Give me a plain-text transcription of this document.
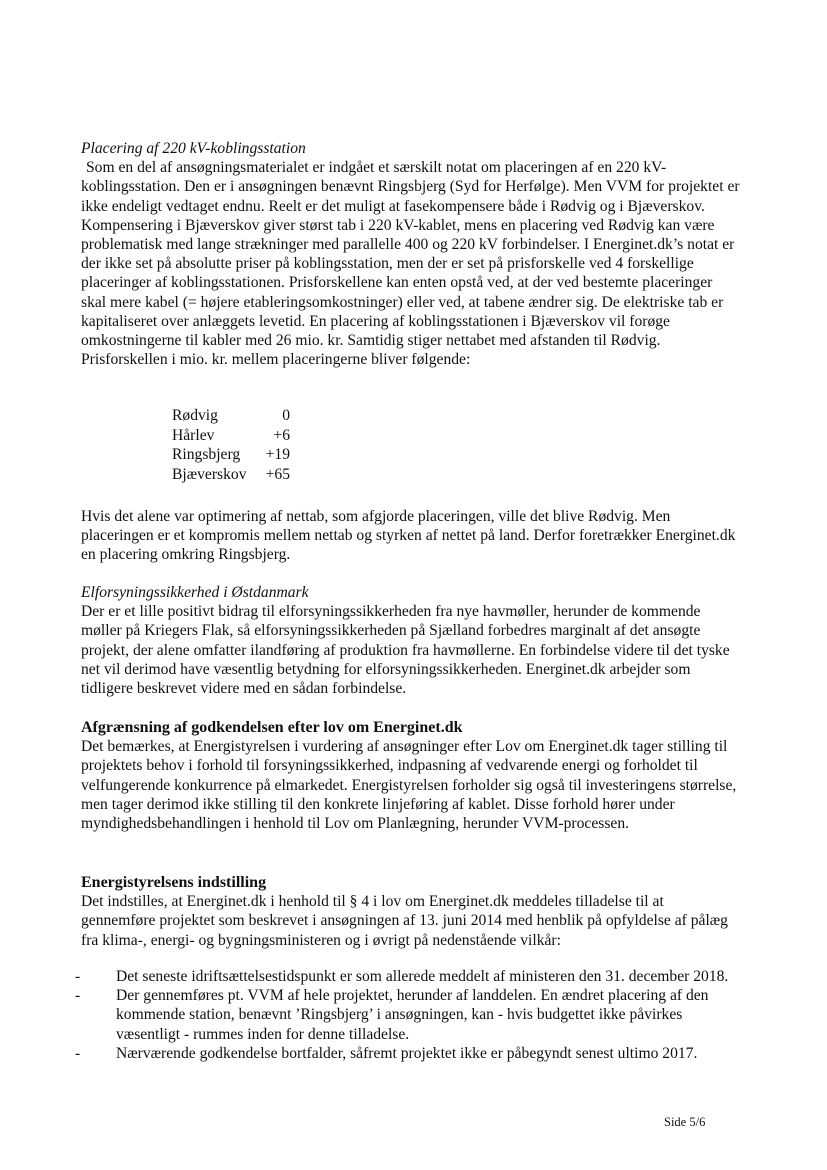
Placering af 220 kV-koblingsstation

Som en del af ansøgningsmaterialet er indgået et særskilt notat om placeringen af en 220 kV-koblingsstation. Den er i ansøgningen benævnt Ringsbjerg (Syd for Herfølge). Men VVM for projektet er ikke endeligt vedtaget endnu. Reelt er det muligt at fasekompensere både i Rødvig og i Bjæverskov. Kompensering i Bjæverskov giver størst tab i 220 kV-kablet, mens en placering ved Rødvig kan være problematisk med lange strækninger med parallelle 400 og 220 kV forbindelser. I Energinet.dk’s notat er der ikke set på absolutte priser på koblingsstation, men der er set på prisforskelle ved 4 forskellige placeringer af koblingsstationen. Prisforskellene kan enten opstå ved, at der ved bestemte placeringer skal mere kabel (= højere etableringsomkostninger) eller ved, at tabene ændrer sig. De elektriske tab er kapitaliseret over anlæggets levetid. En placering af koblingsstationen i Bjæverskov vil forøge omkostningerne til kabler med 26 mio. kr. Samtidig stiger nettabet med afstanden til Rødvig. Prisforskellen i mio. kr. mellem placeringerne bliver følgende:

Rødvig	0
Hårlev	+6
Ringsbjerg	+19
Bjæverskov	+65

Hvis det alene var optimering af nettab, som afgjorde placeringen, ville det blive Rødvig. Men placeringen er et kompromis mellem nettab og styrken af nettet på land. Derfor foretrækker Energinet.dk en placering omkring Ringsbjerg.

Elforsyningssikkerhed i Østdanmark

Der er et lille positivt bidrag til elforsyningssikkerheden fra nye havmøller, herunder de kommende møller på Kriegers Flak, så elforsyningssikkerheden på Sjælland forbedres marginalt af det ansøgte projekt, der alene omfatter ilandføring af produktion fra havmøllerne. En forbindelse videre til det tyske net vil derimod have væsentlig betydning for elforsyningssikkerheden. Energinet.dk arbejder som tidligere beskrevet videre med en sådan forbindelse.

Afgrænsning af godkendelsen efter lov om Energinet.dk

Det bemærkes, at Energistyrelsen i vurdering af ansøgninger efter Lov om Energinet.dk tager stilling til projektets behov i forhold til forsyningssikkerhed, indpasning af vedvarende energi og forholdet til velfungerende konkurrence på elmarkedet. Energistyrelsen forholder sig også til investeringens størrelse, men tager derimod ikke stilling til den konkrete linjeføring af kablet. Disse forhold hører under myndighedsbehandlingen i henhold til Lov om Planlægning, herunder VVM-processen.

Energistyrelsens indstilling

Det indstilles, at Energinet.dk i henhold til § 4 i lov om Energinet.dk meddeles tilladelse til at gennemføre projektet som beskrevet i ansøgningen af 13. juni 2014 med henblik på opfyldelse af pålæg fra klima-, energi- og bygningsministeren og i øvrigt på nedenstående vilkår:

- Det seneste idriftsættelsestidspunkt er som allerede meddelt af ministeren den 31. december 2018.
- Der gennemføres pt. VVM af hele projektet, herunder af landdelen. En ændret placering af den kommende station, benævnt ’Ringsbjerg’ i ansøgningen, kan - hvis budgettet ikke påvirkes væsentligt - rummes inden for denne tilladelse.
- Nærværende godkendelse bortfalder, såfremt projektet ikke er påbegyndt senest ultimo 2017.
Side 5/6
